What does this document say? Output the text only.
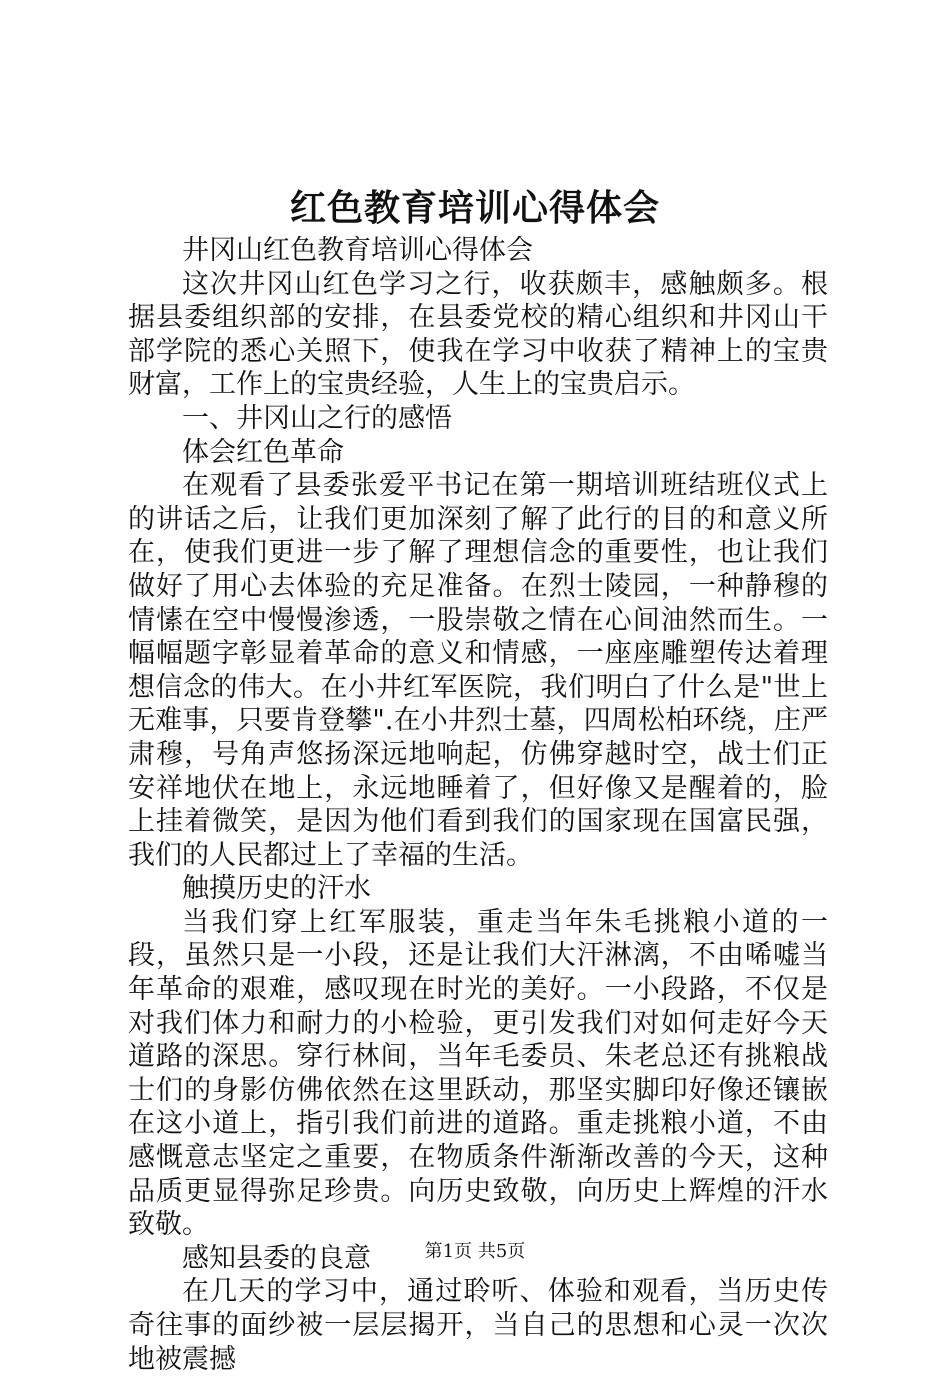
红色教育培训心得体会

井冈山红色教育培训心得体会

这次井冈山红色学习之行，收获颇丰，感触颇多。根据县委组织部的安排，在县委党校的精心组织和井冈山干部学院的悉心关照下，使我在学习中收获了精神上的宝贵财富，工作上的宝贵经验，人生上的宝贵启示。

一、井冈山之行的感悟

体会红色革命

在观看了县委张爱平书记在第一期培训班结班仪式上的讲话之后，让我们更加深刻了解了此行的目的和意义所在，使我们更进一步了解了理想信念的重要性，也让我们做好了用心去体验的充足准备。在烈士陵园，一种静穆的情愫在空中慢慢渗透，一股崇敬之情在心间油然而生。一幅幅题字彰显着革命的意义和情感，一座座雕塑传达着理想信念的伟大。在小井红军医院，我们明白了什么是"世上无难事，只要肯登攀".在小井烈士墓，四周松柏环绕，庄严肃穆，号角声悠扬深远地响起，仿佛穿越时空，战士们正安祥地伏在地上，永远地睡着了，但好像又是醒着的，脸上挂着微笑，是因为他们看到我们的国家现在国富民强，我们的人民都过上了幸福的生活。

触摸历史的汗水

当我们穿上红军服装，重走当年朱毛挑粮小道的一段，虽然只是一小段，还是让我们大汗淋漓，不由唏嘘当年革命的艰难，感叹现在时光的美好。一小段路，不仅是对我们体力和耐力的小检验，更引发我们对如何走好今天道路的深思。穿行林间，当年毛委员、朱老总还有挑粮战士们的身影仿佛依然在这里跃动，那坚实脚印好像还镶嵌在这小道上，指引我们前进的道路。重走挑粮小道，不由感慨意志坚定之重要，在物质条件渐渐改善的今天，这种品质更显得弥足珍贵。向历史致敬，向历史上辉煌的汗水致敬。

感知县委的良意

在几天的学习中，通过聆听、体验和观看，当历史传奇往事的面纱被一层层揭开，当自己的思想和心灵一次次地被震撼

第1页 共5页
